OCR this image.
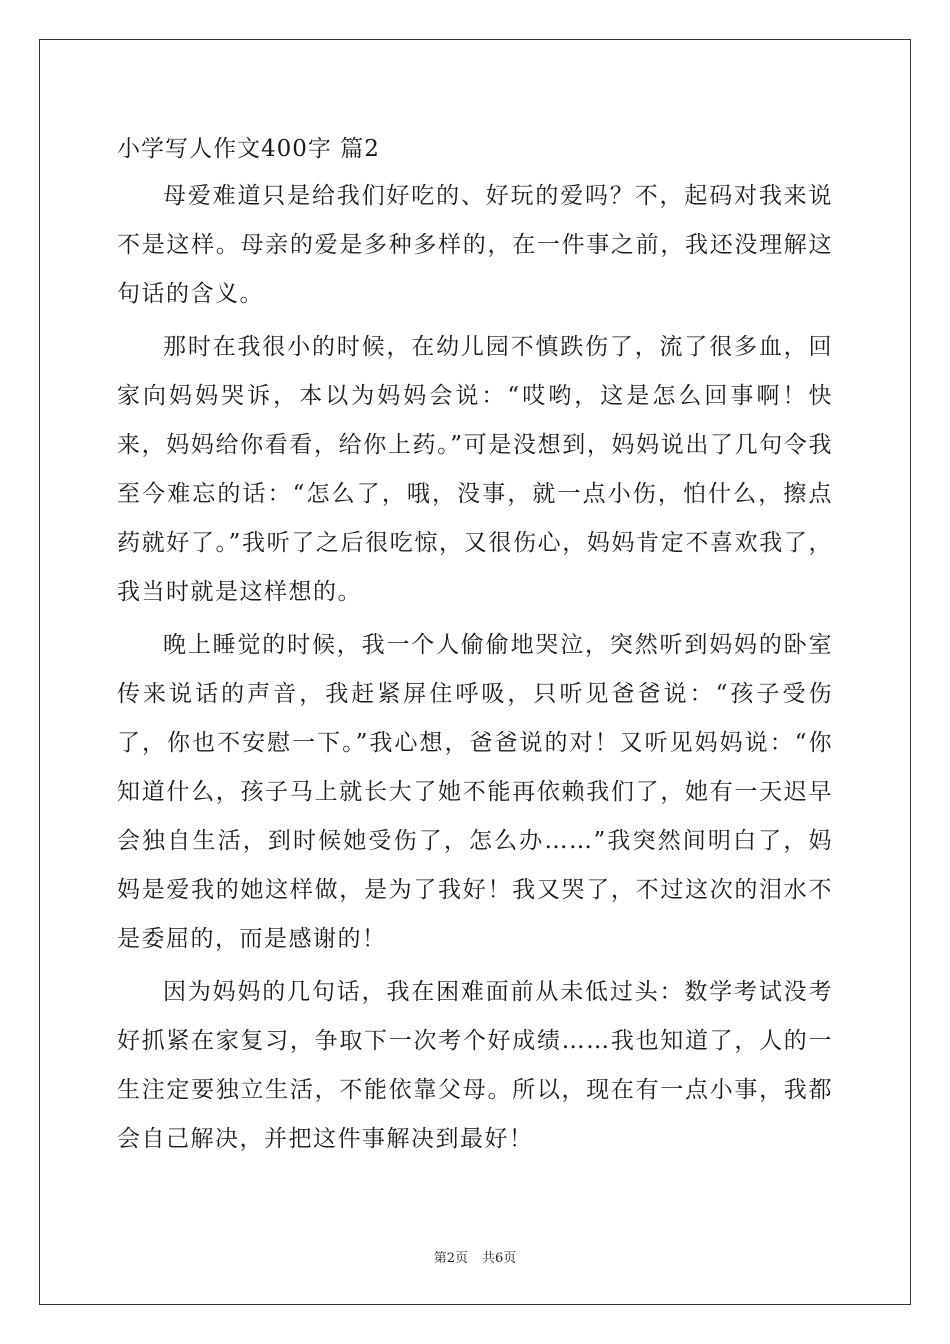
小学写人作文400字 篇2

母爱难道只是给我们好吃的、好玩的爱吗？不，起码对我来说不是这样。母亲的爱是多种多样的，在一件事之前，我还没理解这句话的含义。

那时在我很小的时候，在幼儿园不慎跌伤了，流了很多血，回家向妈妈哭诉，本以为妈妈会说：“哎哟，这是怎么回事啊！快来，妈妈给你看看，给你上药。”可是没想到，妈妈说出了几句令我至今难忘的话：“怎么了，哦，没事，就一点小伤，怕什么，擦点药就好了。”我听了之后很吃惊，又很伤心，妈妈肯定不喜欢我了，我当时就是这样想的。

晚上睡觉的时候，我一个人偷偷地哭泣，突然听到妈妈的卧室传来说话的声音，我赶紧屏住呼吸，只听见爸爸说：“孩子受伤了，你也不安慰一下。”我心想，爸爸说的对！又听见妈妈说：“你知道什么，孩子马上就长大了她不能再依赖我们了，她有一天迟早会独自生活，到时候她受伤了，怎么办……”我突然间明白了，妈妈是爱我的她这样做，是为了我好！我又哭了，不过这次的泪水不是委屈的，而是感谢的！

因为妈妈的几句话，我在困难面前从未低过头：数学考试没考好抓紧在家复习，争取下一次考个好成绩……我也知道了，人的一生注定要独立生活，不能依靠父母。所以，现在有一点小事，我都会自己解决，并把这件事解决到最好！

第2页 共6页
